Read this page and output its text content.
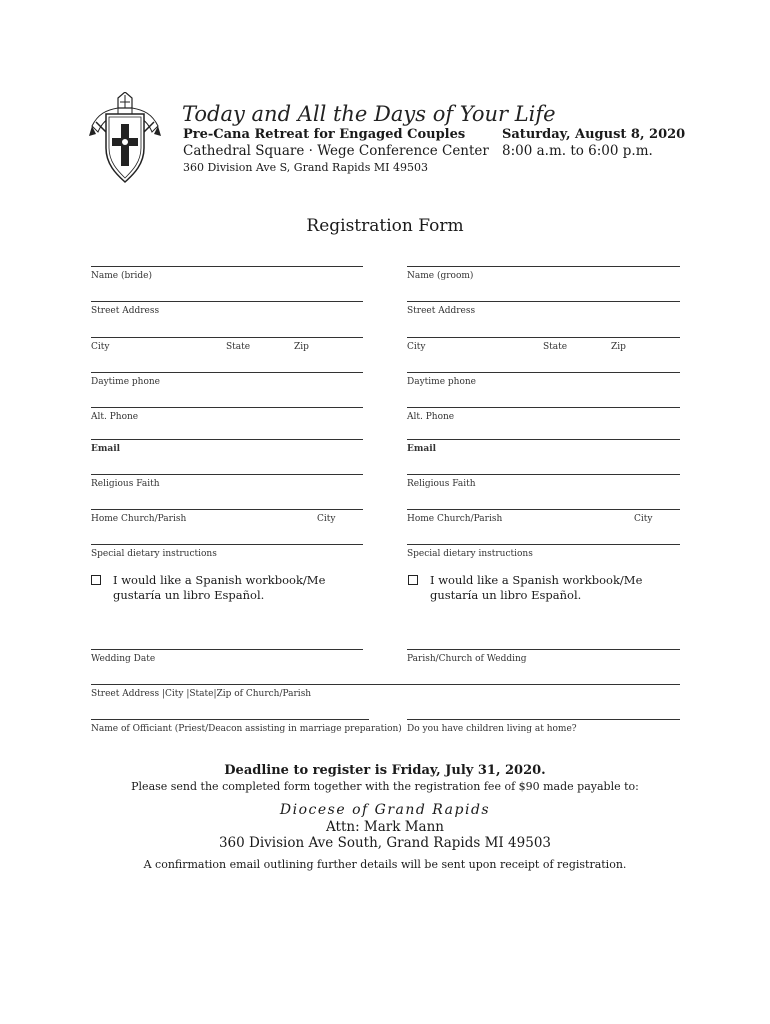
Today and All the Days of Your Life
Pre-Cana Retreat for Engaged Couples
Cathedral Square · Wege Conference Center
360 Division Ave S, Grand Rapids MI 49503
Saturday, August 8, 2020
8:00 a.m. to 6:00 p.m.
Registration Form
Name (bride)
Street Address
City	State	Zip
Daytime phone
Alt. Phone
Email
Religious Faith
Home Church/Parish	City
Special dietary instructions
I would like a Spanish workbook/Me gustaría un libro Español.
Name (groom)
Street Address
City	State	Zip
Daytime phone
Alt. Phone
Email
Religious Faith
Home Church/Parish	City
Special dietary instructions
I would like a Spanish workbook/Me gustaría un libro Español.
Wedding Date	Parish/Church of Wedding
Street Address |City |State|Zip of Church/Parish
Name of Officiant (Priest/Deacon assisting in marriage preparation) Do you have children living at home?
Deadline to register is Friday, July 31, 2020.
Please send the completed form together with the registration fee of $90 made payable to:
Diocese of Grand Rapids
Attn: Mark Mann
360 Division Ave South, Grand Rapids MI 49503
A confirmation email outlining further details will be sent upon receipt of registration.
